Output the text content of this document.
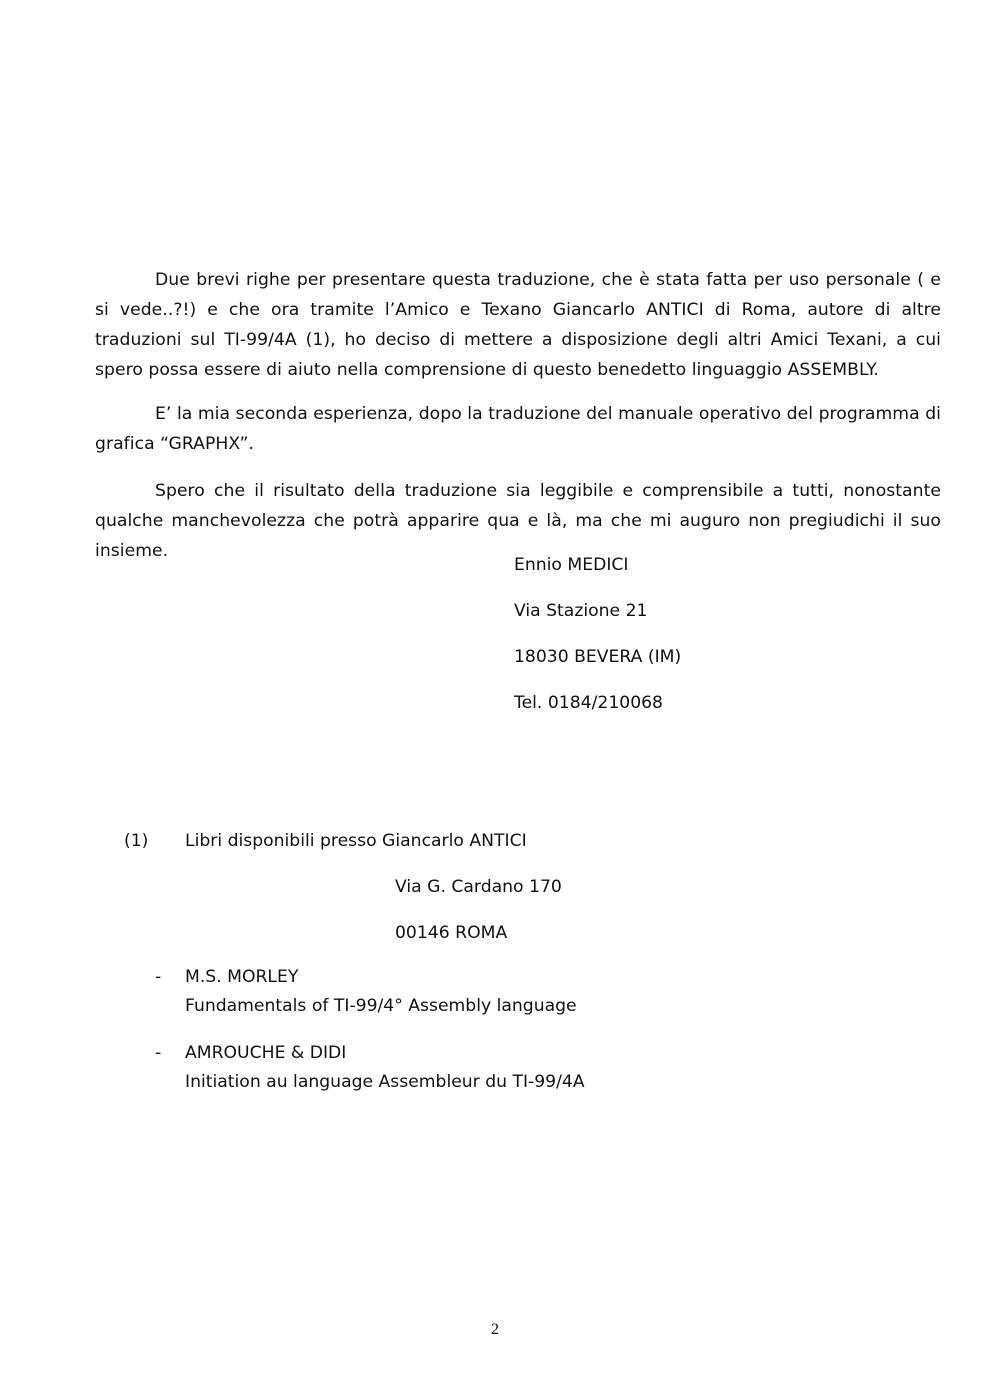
Due brevi righe per presentare questa traduzione, che è stata fatta per uso personale ( e si vede..?!) e che ora tramite l’Amico e Texano Giancarlo ANTICI di Roma, autore di altre traduzioni sul TI-99/4A (1), ho deciso di mettere a disposizione degli altri Amici Texani, a cui spero possa essere di aiuto nella comprensione di questo benedetto linguaggio ASSEMBLY.

E’ la mia seconda esperienza, dopo la traduzione del manuale operativo del programma di grafica “GRAPHX”.

Spero che il risultato della traduzione sia leggibile e comprensibile a tutti, nonostante qualche manchevolezza che potrà apparire qua e là, ma che mi auguro non pregiudichi il suo insieme.

Ennio MEDICI
Via Stazione 21
18030 BEVERA (IM)
Tel. 0184/210068
(1) Libri disponibili presso Giancarlo ANTICI
Via G. Cardano 170
00146 ROMA
- M.S. MORLEY
Fundamentals of TI-99/4° Assembly language
- AMROUCHE & DIDI
Initiation au language Assembleur du TI-99/4A
2
